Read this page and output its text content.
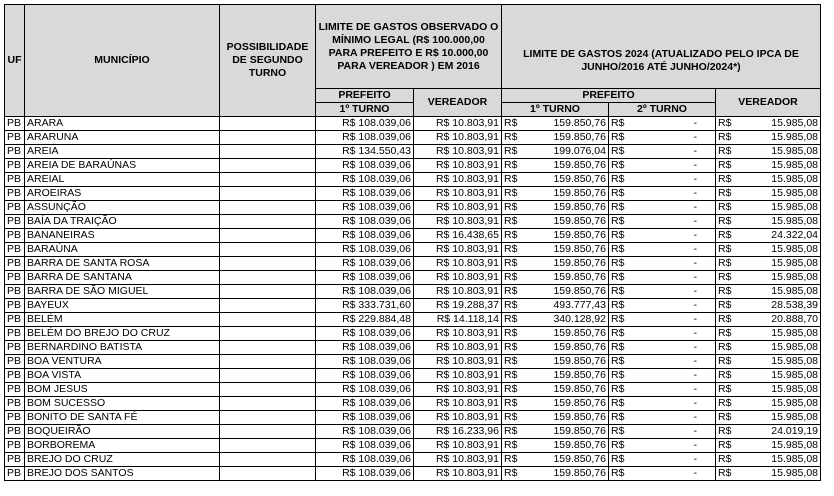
UF	MUNICÍPIO	POSSIBILIDADE DE SEGUNDO TURNO	LIMITE DE GASTOS OBSERVADO O MÍNIMO LEGAL (R$ 100.000,00 PARA PREFEITO E R$ 10.000,00 PARA VEREADOR ) EM 2016		LIMITE DE GASTOS 2024 (ATUALIZADO PELO IPCA DE JUNHO/2016 ATÉ JUNHO/2024*)					
			PREFEITO	VEREADOR	PREFEITO				VEREADOR	
			1º TURNO		1º TURNO		2º TURNO			
PB	ARARA		R$ 108.039,06	R$ 10.803,91	R$	159.850,76	R$	-	R$	15.985,08
PB	ARARUNA		R$ 108.039,06	R$ 10.803,91	R$	159.850,76	R$	-	R$	15.985,08
PB	AREIA		R$ 134.550,43	R$ 10.803,91	R$	199.076,04	R$	-	R$	15.985,08
PB	AREIA DE BARAÚNAS		R$ 108.039,06	R$ 10.803,91	R$	159.850,76	R$	-	R$	15.985,08
PB	AREIAL		R$ 108.039,06	R$ 10.803,91	R$	159.850,76	R$	-	R$	15.985,08
PB	AROEIRAS		R$ 108.039,06	R$ 10.803,91	R$	159.850,76	R$	-	R$	15.985,08
PB	ASSUNÇÃO		R$ 108.039,06	R$ 10.803,91	R$	159.850,76	R$	-	R$	15.985,08
PB	BAÍA DA TRAIÇÃO		R$ 108.039,06	R$ 10.803,91	R$	159.850,76	R$	-	R$	15.985,08
PB	BANANEIRAS		R$ 108.039,06	R$ 16.438,65	R$	159.850,76	R$	-	R$	24.322,04
PB	BARAÚNA		R$ 108.039,06	R$ 10.803,91	R$	159.850,76	R$	-	R$	15.985,08
PB	BARRA DE SANTA ROSA		R$ 108.039,06	R$ 10.803,91	R$	159.850,76	R$	-	R$	15.985,08
PB	BARRA DE SANTANA		R$ 108.039,06	R$ 10.803,91	R$	159.850,76	R$	-	R$	15.985,08
PB	BARRA DE SÃO MIGUEL		R$ 108.039,06	R$ 10.803,91	R$	159.850,76	R$	-	R$	15.985,08
PB	BAYEUX		R$ 333.731,60	R$ 19.288,37	R$	493.777,43	R$	-	R$	28.538,39
PB	BELÉM		R$ 229.884,48	R$ 14.118,14	R$	340.128,92	R$	-	R$	20.888,70
PB	BELÉM DO BREJO DO CRUZ		R$ 108.039,06	R$ 10.803,91	R$	159.850,76	R$	-	R$	15.985,08
PB	BERNARDINO BATISTA		R$ 108.039,06	R$ 10.803,91	R$	159.850,76	R$	-	R$	15.985,08
PB	BOA VENTURA		R$ 108.039,06	R$ 10.803,91	R$	159.850,76	R$	-	R$	15.985,08
PB	BOA VISTA		R$ 108.039,06	R$ 10.803,91	R$	159.850,76	R$	-	R$	15.985,08
PB	BOM JESUS		R$ 108.039,06	R$ 10.803,91	R$	159.850,76	R$	-	R$	15.985,08
PB	BOM SUCESSO		R$ 108.039,06	R$ 10.803,91	R$	159.850,76	R$	-	R$	15.985,08
PB	BONITO DE SANTA FÉ		R$ 108.039,06	R$ 10.803,91	R$	159.850,76	R$	-	R$	15.985,08
PB	BOQUEIRÃO		R$ 108.039,06	R$ 16.233,96	R$	159.850,76	R$	-	R$	24.019,19
PB	BORBOREMA		R$ 108.039,06	R$ 10.803,91	R$	159.850,76	R$	-	R$	15.985,08
PB	BREJO DO CRUZ		R$ 108.039,06	R$ 10.803,91	R$	159.850,76	R$	-	R$	15.985,08
PB	BREJO DOS SANTOS		R$ 108.039,06	R$ 10.803,91	R$	159.850,76	R$	-	R$	15.985,08
